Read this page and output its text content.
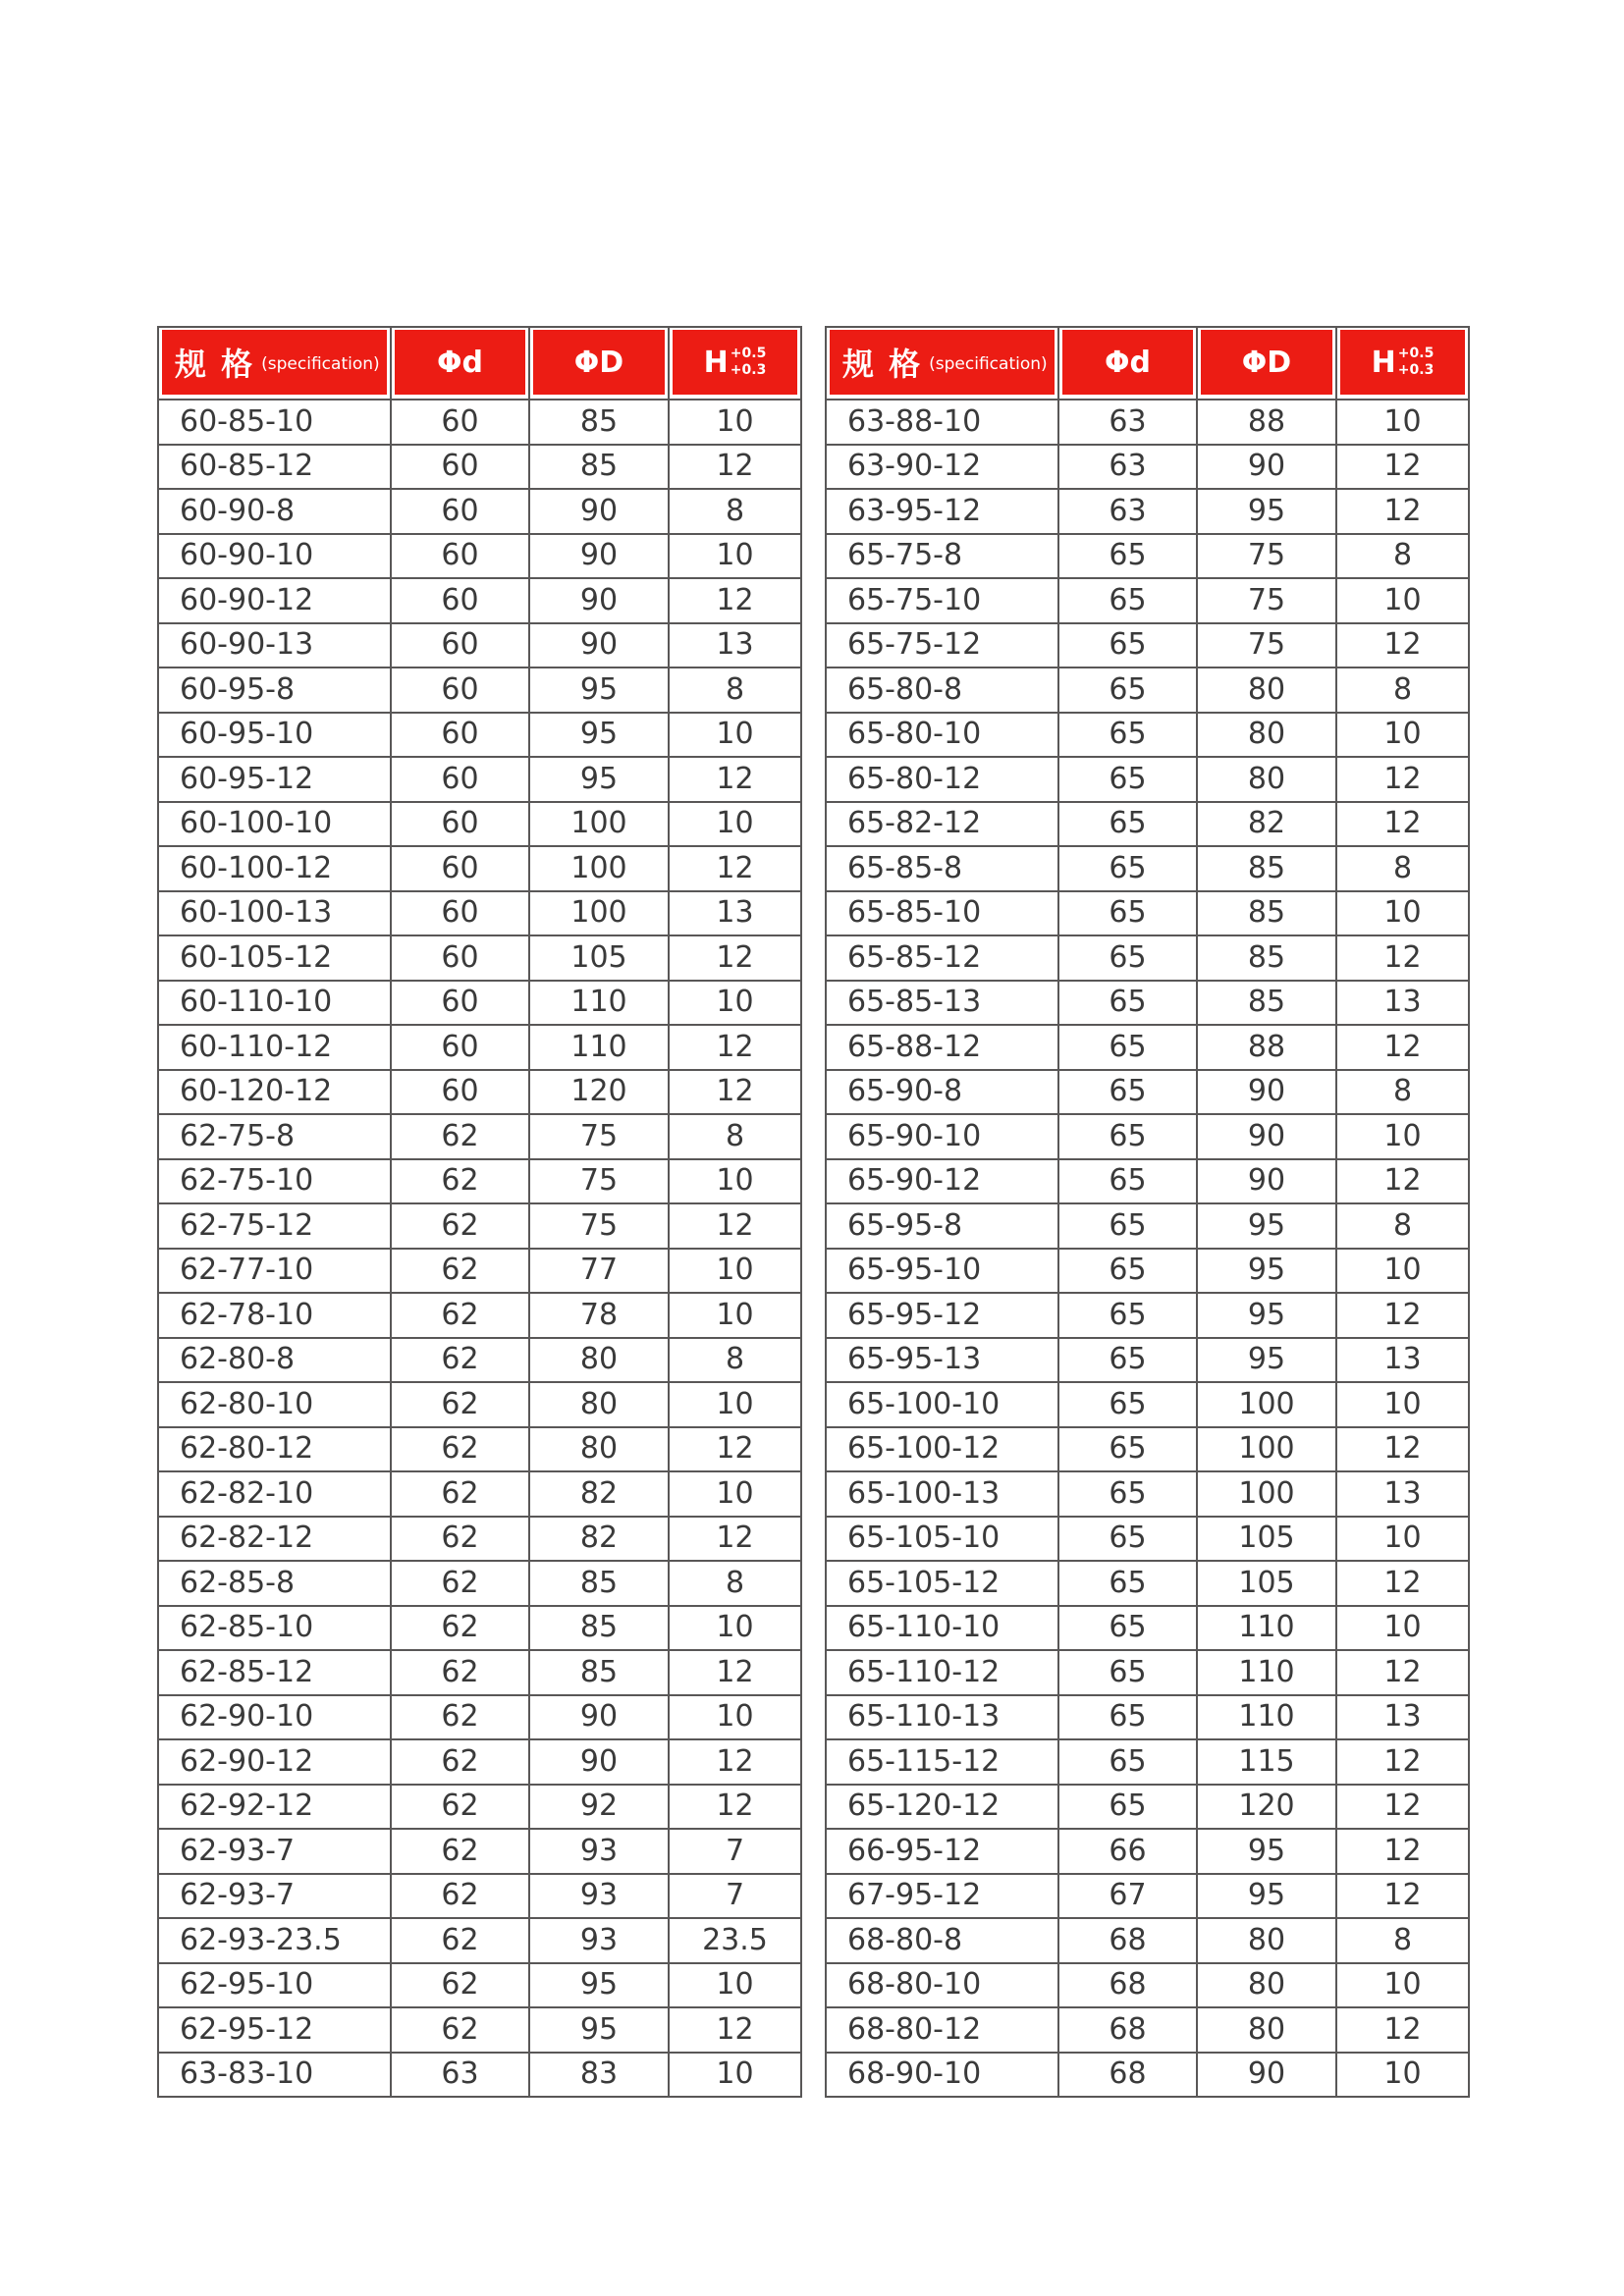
规 格 (specification)	Φd	ΦD	H +0.5
+0.3

60-85-10	60	85	10
60-85-12	60	85	12
60-90-8	60	90	8
60-90-10	60	90	10
60-90-12	60	90	12
60-90-13	60	90	13
60-95-8	60	95	8
60-95-10	60	95	10
60-95-12	60	95	12
60-100-10	60	100	10
60-100-12	60	100	12
60-100-13	60	100	13
60-105-12	60	105	12
60-110-10	60	110	10
60-110-12	60	110	12
60-120-12	60	120	12
62-75-8	62	75	8
62-75-10	62	75	10
62-75-12	62	75	12
62-77-10	62	77	10
62-78-10	62	78	10
62-80-8	62	80	8
62-80-10	62	80	10
62-80-12	62	80	12
62-82-10	62	82	10
62-82-12	62	82	12
62-85-8	62	85	8
62-85-10	62	85	10
62-85-12	62	85	12
62-90-10	62	90	10
62-90-12	62	90	12
62-92-12	62	92	12
62-93-7	62	93	7
62-93-7	62	93	7
62-93-23.5	62	93	23.5
62-95-10	62	95	10
62-95-12	62	95	12
63-83-10	63	83	10
规 格 (specification)	Φd	ΦD	H +0.5
+0.3

63-88-10	63	88	10
63-90-12	63	90	12
63-95-12	63	95	12
65-75-8	65	75	8
65-75-10	65	75	10
65-75-12	65	75	12
65-80-8	65	80	8
65-80-10	65	80	10
65-80-12	65	80	12
65-82-12	65	82	12
65-85-8	65	85	8
65-85-10	65	85	10
65-85-12	65	85	12
65-85-13	65	85	13
65-88-12	65	88	12
65-90-8	65	90	8
65-90-10	65	90	10
65-90-12	65	90	12
65-95-8	65	95	8
65-95-10	65	95	10
65-95-12	65	95	12
65-95-13	65	95	13
65-100-10	65	100	10
65-100-12	65	100	12
65-100-13	65	100	13
65-105-10	65	105	10
65-105-12	65	105	12
65-110-10	65	110	10
65-110-12	65	110	12
65-110-13	65	110	13
65-115-12	65	115	12
65-120-12	65	120	12
66-95-12	66	95	12
67-95-12	67	95	12
68-80-8	68	80	8
68-80-10	68	80	10
68-80-12	68	80	12
68-90-10	68	90	10
